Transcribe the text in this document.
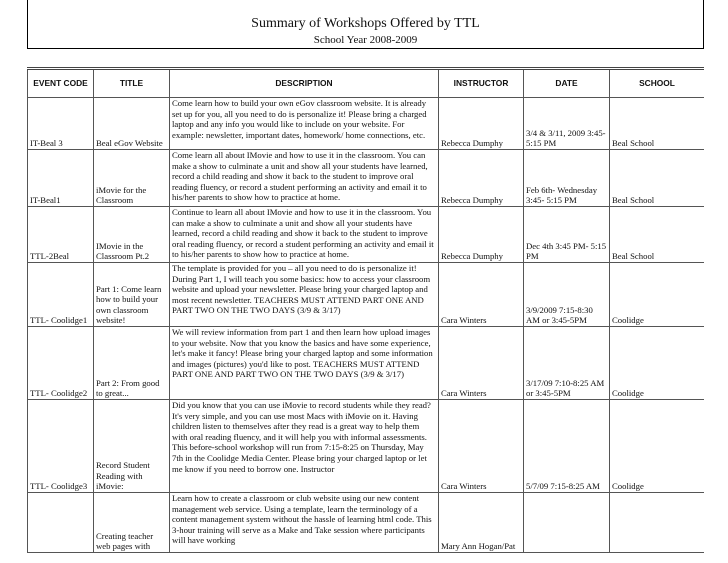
Summary of Workshops Offered by TTL
School Year 2008-2009
EVENT CODE	TITLE	DESCRIPTION	INSTRUCTOR	DATE	SCHOOL
IT-Beal 3	Beal eGov Website	Come learn how to build your own eGov classroom website. It is already set up for you, all you need to do is personalize it! Please bring a charged laptop and any info you would like to include on your website. For example: newsletter, important dates, homework/ home connections, etc.	Rebecca Dumphy	3/4 & 3/11, 2009 3:45-5:15 PM	Beal School
IT-Beal1	iMovie for the Classroom	Come learn all about IMovie and how to use it in the classroom. You can make a show to culminate a unit and show all your students have learned, record a child reading and show it back to the student to improve oral reading fluency, or record a student performing an activity and email it to his/her parents to show how to practice at home.	Rebecca Dumphy	Feb 6th- Wednesday 3:45- 5:15 PM	Beal School
TTL-2Beal	IMovie in the Classroom Pt.2	Continue to learn all about IMovie and how to use it in the classroom. You can make a show to culminate a unit and show all your students have learned, record a child reading and show it back to the student to improve oral reading fluency, or record a student performing an activity and email it to his/her parents to show how to practice at home.	Rebecca Dumphy	Dec 4th 3:45 PM- 5:15 PM	Beal School
TTL- Coolidge1	Part 1: Come learn how to build your own classroom website!	The template is provided for you – all you need to do is personalize it! During Part 1, I will teach you some basics: how to access your classroom website and upload your newsletter. Please bring your charged laptop and most recent newsletter. TEACHERS MUST ATTEND PART ONE AND PART TWO ON THE TWO DAYS (3/9 & 3/17)	Cara Winters	3/9/2009 7:15-8:30 AM or 3:45-5PM	Coolidge
TTL- Coolidge2	Part 2: From good to great...	We will review information from part 1 and then learn how upload images to your website. Now that you know the basics and have some experience, let's make it fancy! Please bring your charged laptop and some information and images (pictures) you'd like to post. TEACHERS MUST ATTEND PART ONE AND PART TWO ON THE TWO DAYS (3/9 & 3/17)	Cara Winters	3/17/09 7:10-8:25 AM or 3:45-5PM	Coolidge
TTL- Coolidge3	Record Student Reading with iMovie:	Did you know that you can use iMovie to record students while they read? It's very simple, and you can use most Macs with iMovie on it. Having children listen to themselves after they read is a great way to help them with oral reading fluency, and it will help you with informal assessments. This before-school workshop will run from 7:15-8:25 on Thursday, May 7th in the Coolidge Media Center. Please bring your charged laptop or let me know if you need to borrow one. Instructor	Cara Winters	5/7/09 7:15-8:25 AM	Coolidge
	Creating teacher web pages with	Learn how to create a classroom or club website using our new content management web service. Using a template, learn the terminology of a content management system without the hassle of learning html code. This 3-hour training will serve as a Make and Take session where participants will have working	Mary Ann Hogan/Pat		
